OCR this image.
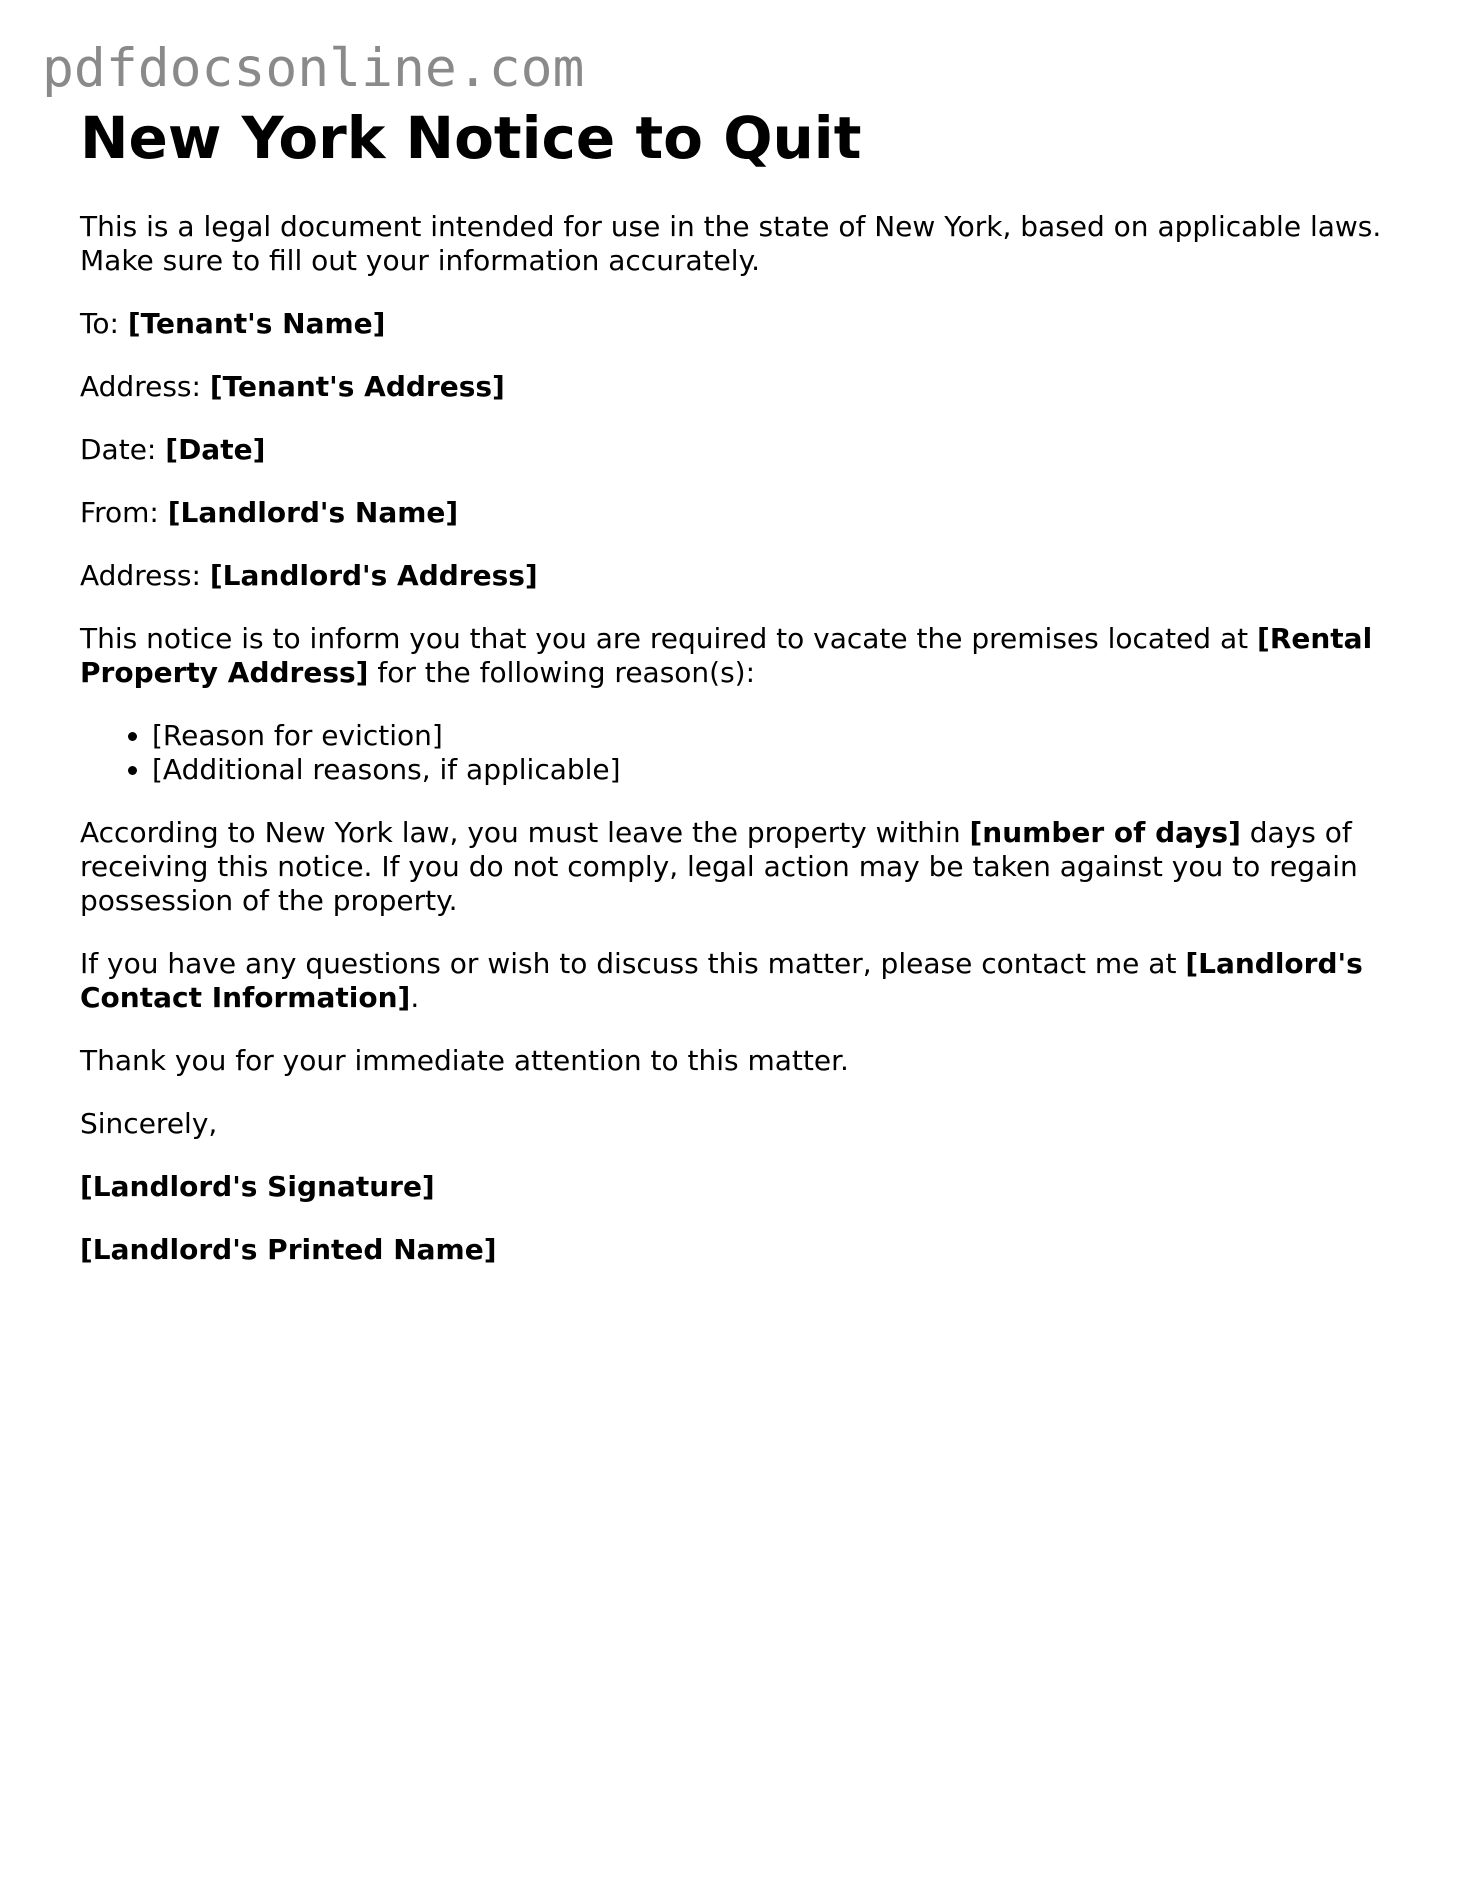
pdfdocsonline.com
New York Notice to Quit

This is a legal document intended for use in the state of New York, based on applicable laws. Make sure to fill out your information accurately.

To: [Tenant's Name]

Address: [Tenant's Address]

Date: [Date]

From: [Landlord's Name]

Address: [Landlord's Address]

This notice is to inform you that you are required to vacate the premises located at [Rental Property Address] for the following reason(s):

• [Reason for eviction]
• [Additional reasons, if applicable]

According to New York law, you must leave the property within [number of days] days of receiving this notice. If you do not comply, legal action may be taken against you to regain possession of the property.

If you have any questions or wish to discuss this matter, please contact me at [Landlord's Contact Information].

Thank you for your immediate attention to this matter.

Sincerely,

[Landlord's Signature]

[Landlord's Printed Name]
